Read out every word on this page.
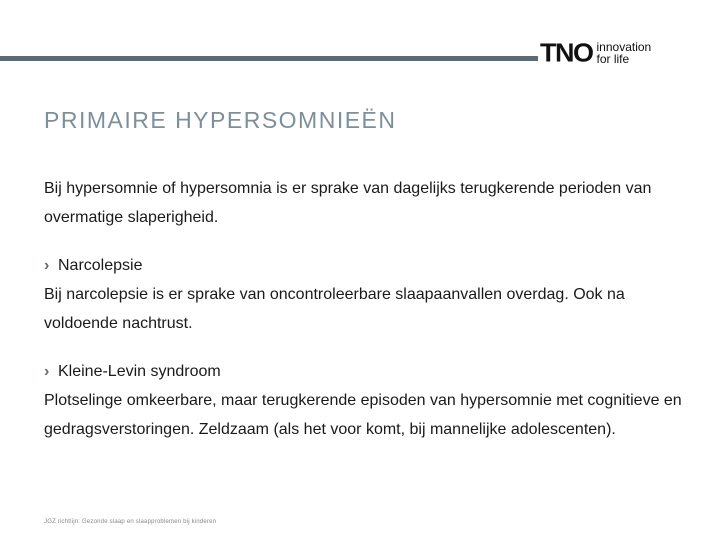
TNO innovation
for life
PRIMAIRE HYPERSOMNIEËN

Bij hypersomnie of hypersomnia is er sprake van dagelijks terugkerende perioden van overmatige slaperigheid.

› Narcolepsie

Bij narcolepsie is er sprake van oncontroleerbare slaapaanvallen overdag. Ook na voldoende nachtrust.

› Kleine-Levin syndroom

Plotselinge omkeerbare, maar terugkerende episoden van hypersomnie met cognitieve en gedragsverstoringen. Zeldzaam (als het voor komt, bij mannelijke adolescenten).

JGZ richtlijn: Gezonde slaap en slaapproblemen bij kinderen
